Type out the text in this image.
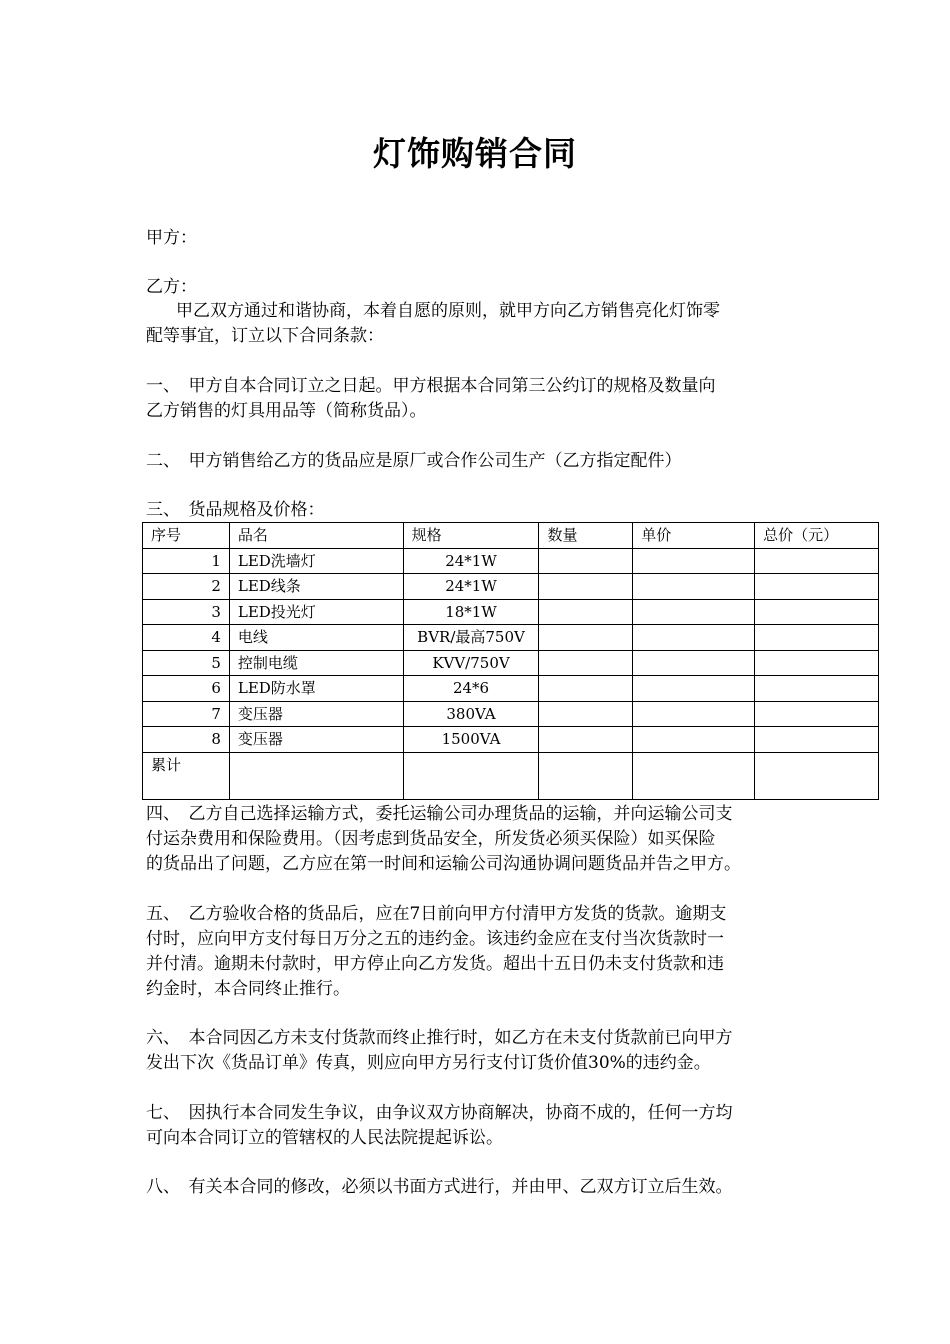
灯饰购销合同
甲方：
乙方：
甲乙双方通过和谐协商，本着自愿的原则，就甲方向乙方销售亮化灯饰零
配等事宜，订立以下合同条款：
一、　甲方自本合同订立之日起。甲方根据本合同第三公约订的规格及数量向
乙方销售的灯具用品等（简称货品）。
二、　甲方销售给乙方的货品应是原厂或合作公司生产（乙方指定配件）
三、　货品规格及价格：
序号	品名	规格	数量	单价	总价（元）
1	LED洗墙灯	24*1W			
2	LED线条	24*1W			
3	LED投光灯	18*1W			
4	电线	BVR/最高750V			
5	控制电缆	KVV/750V			
6	LED防水罩	24*6			
7	变压器	380VA			
8	变压器	1500VA			
累计					
四、　乙方自己选择运输方式，委托运输公司办理货品的运输，并向运输公司支
付运杂费用和保险费用。（因考虑到货品安全，所发货必须买保险）如买保险
的货品出了问题，乙方应在第一时间和运输公司沟通协调问题货品并告之甲方。
五、　乙方验收合格的货品后，应在7日前向甲方付清甲方发货的货款。逾期支
付时，应向甲方支付每日万分之五的违约金。该违约金应在支付当次货款时一
并付清。逾期未付款时，甲方停止向乙方发货。超出十五日仍未支付货款和违
约金时，本合同终止推行。
六、　本合同因乙方未支付货款而终止推行时，如乙方在未支付货款前已向甲方
发出下次《货品订单》传真，则应向甲方另行支付订货价值30%的违约金。
七、　因执行本合同发生争议，由争议双方协商解决，协商不成的，任何一方均
可向本合同订立的管辖权的人民法院提起诉讼。
八、　有关本合同的修改，必须以书面方式进行，并由甲、乙双方订立后生效。
